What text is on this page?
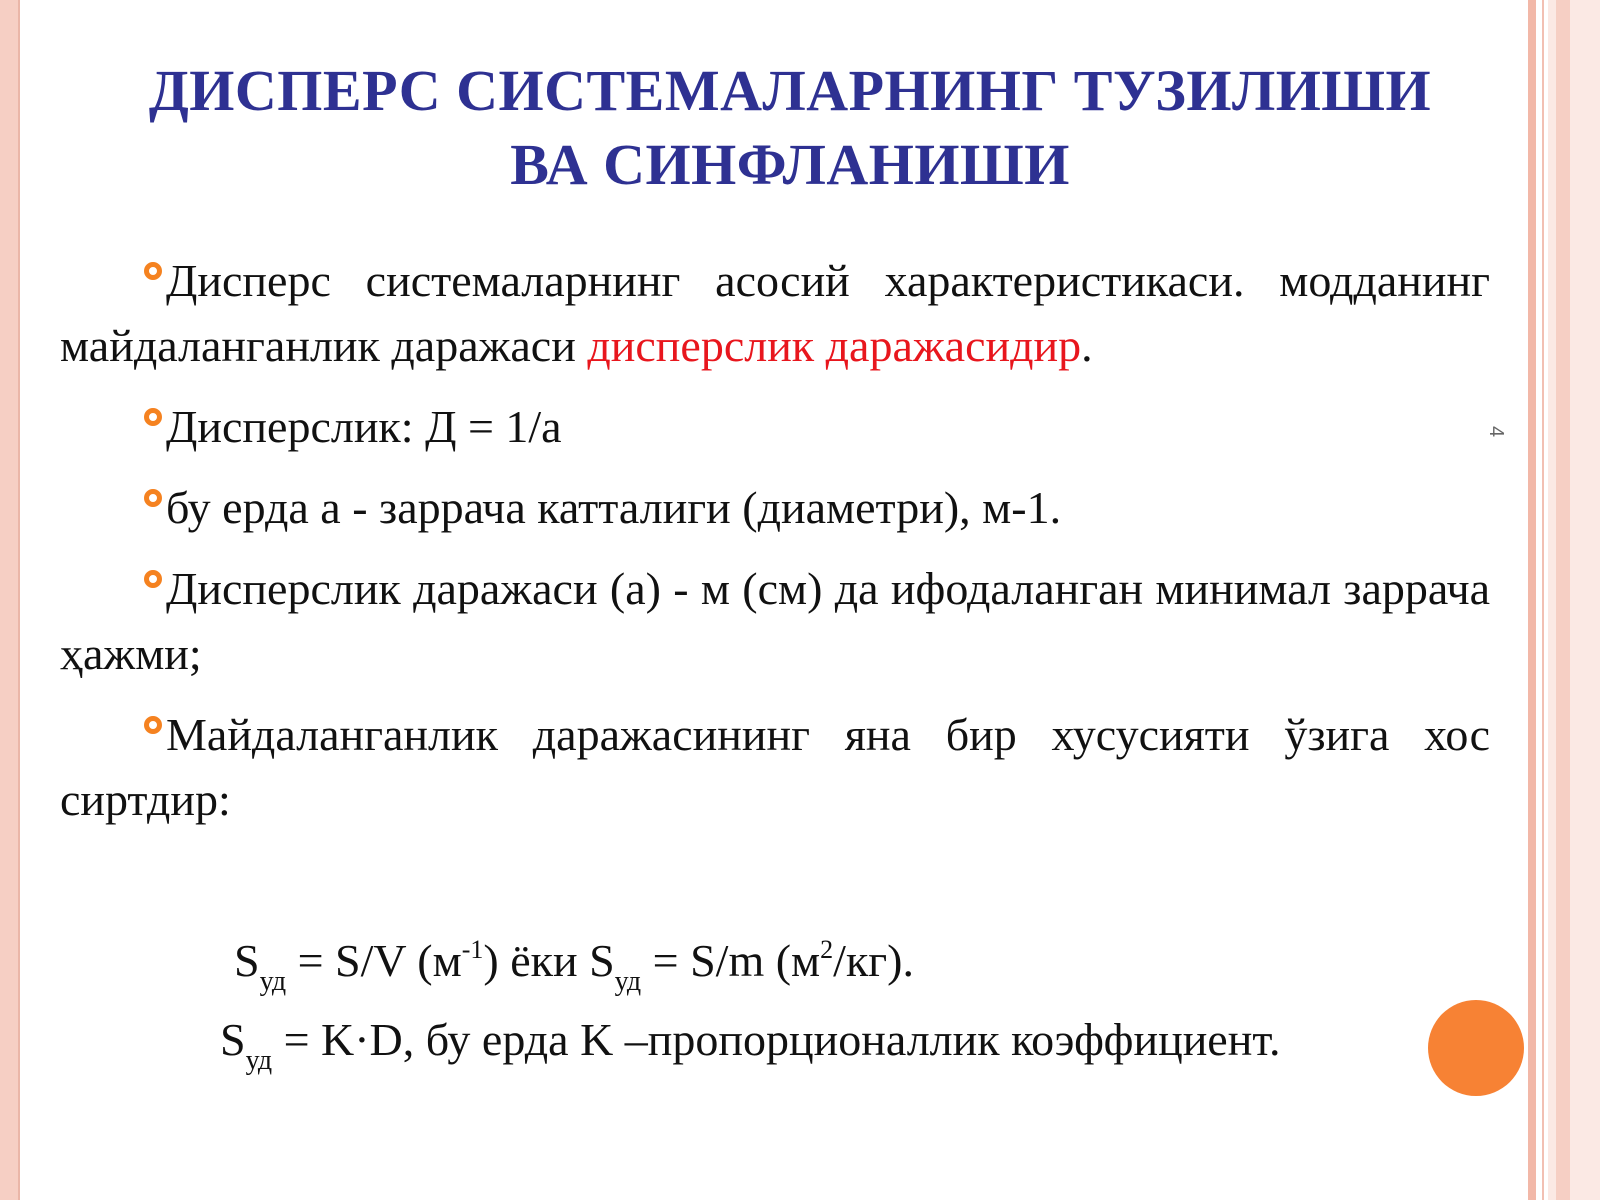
ДИСПЕРС СИСТЕМАЛАРНИНГ ТУЗИЛИШИ
ВА СИНФЛАНИШИ

Дисперс системаларнинг асосий характеристикаси. модданинг майдаланганлик даражаси дисперслик даражасидир.

Дисперслик: Д = 1/а

бу ерда а - заррача катталиги (диаметри), м-1.

Дисперслик даражаси (а) - м (см) да ифодаланган минимал заррача ҳажми;

Майдаланганлик даражасининг яна бир хусусияти ўзига хос сиртдир:

$S_{уд} = S/V$ $(м^{-1})$ ёки $S_{уд} = S/m$ $(м^2/кг)$.
$S_{уд} = K\cdot D$, бу ерда K –пропорционаллик коэффициент.
4
